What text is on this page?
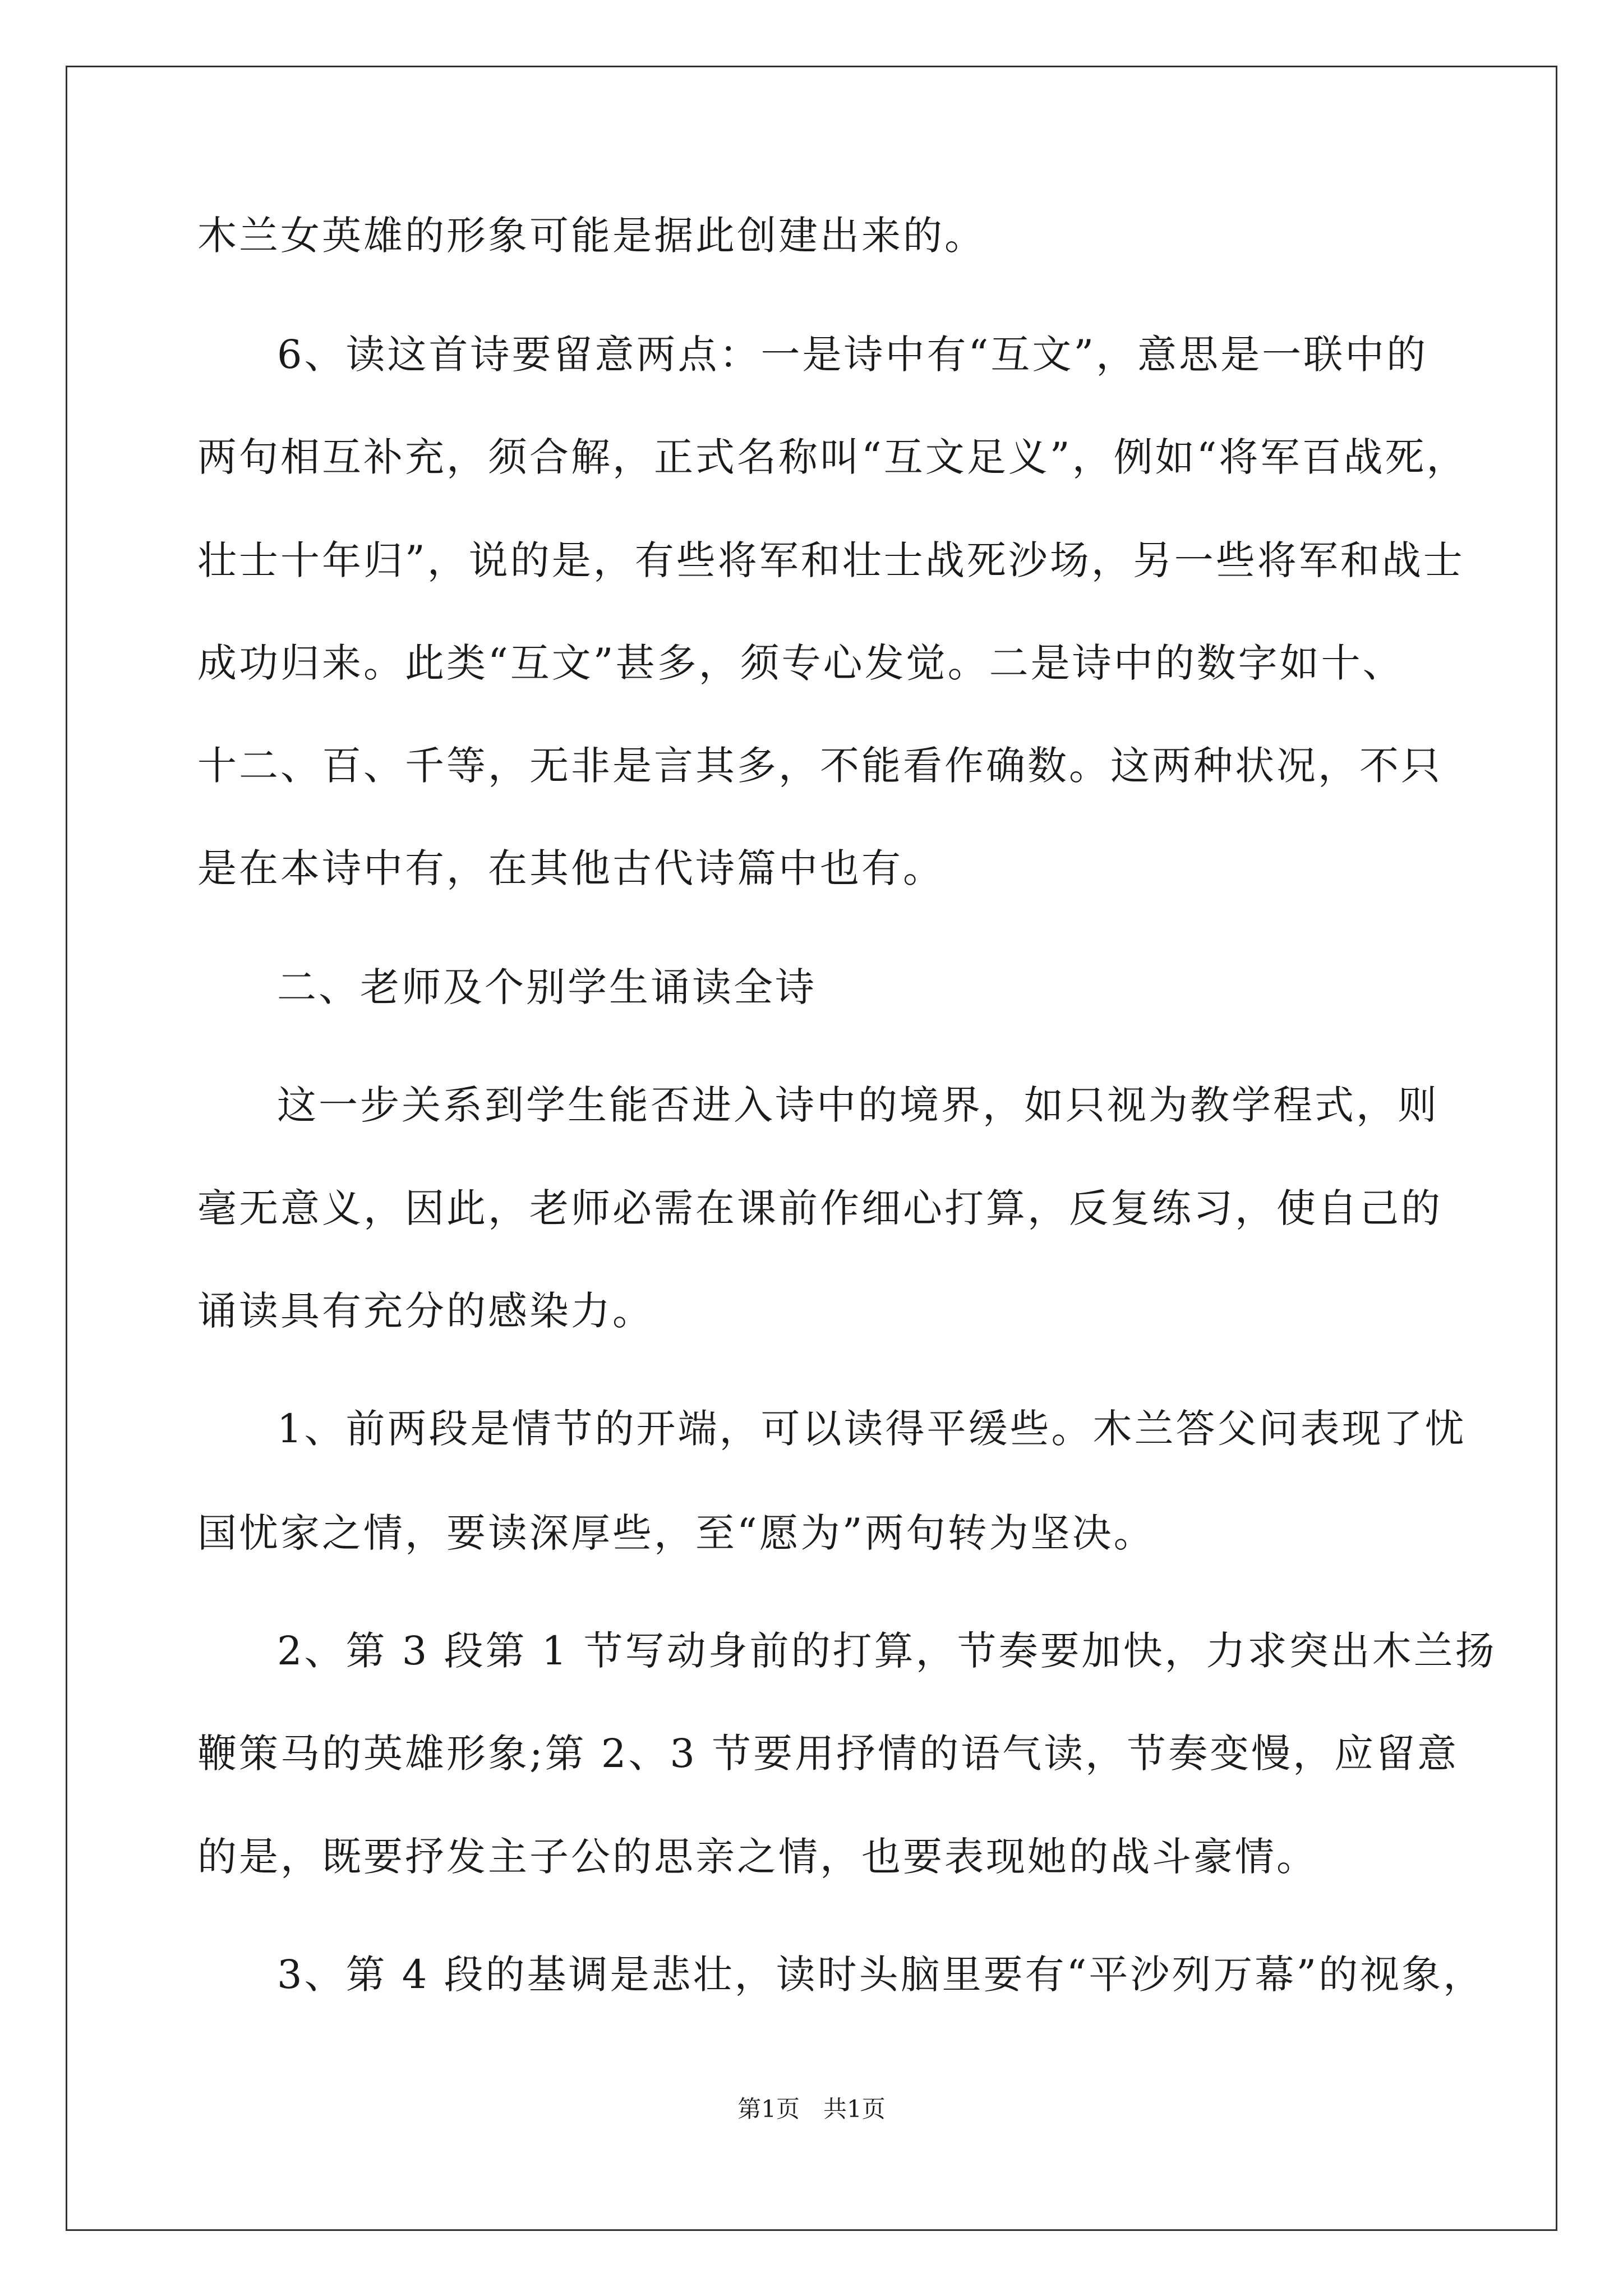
木兰女英雄的形象可能是据此创建出来的。
6、读这首诗要留意两点：一是诗中有“互文”，意思是一联中的
两句相互补充，须合解，正式名称叫“互文足义”，例如“将军百战死，
壮士十年归”，说的是，有些将军和壮士战死沙场，另一些将军和战士
成功归来。此类“互文”甚多，须专心发觉。二是诗中的数字如十、
十二、百、千等，无非是言其多，不能看作确数。这两种状况，不只
是在本诗中有，在其他古代诗篇中也有。
二、老师及个别学生诵读全诗
这一步关系到学生能否进入诗中的境界，如只视为教学程式，则
毫无意义，因此，老师必需在课前作细心打算，反复练习，使自己的
诵读具有充分的感染力。
1、前两段是情节的开端，可以读得平缓些。木兰答父问表现了忧
国忧家之情，要读深厚些，至“愿为”两句转为坚决。
2、第 3 段第 1 节写动身前的打算，节奏要加快，力求突出木兰扬
鞭策马的英雄形象;第 2、3 节要用抒情的语气读，节奏变慢，应留意
的是，既要抒发主子公的思亲之情，也要表现她的战斗豪情。
3、第 4 段的基调是悲壮，读时头脑里要有“平沙列万幕”的视象，
第1页　共1页
